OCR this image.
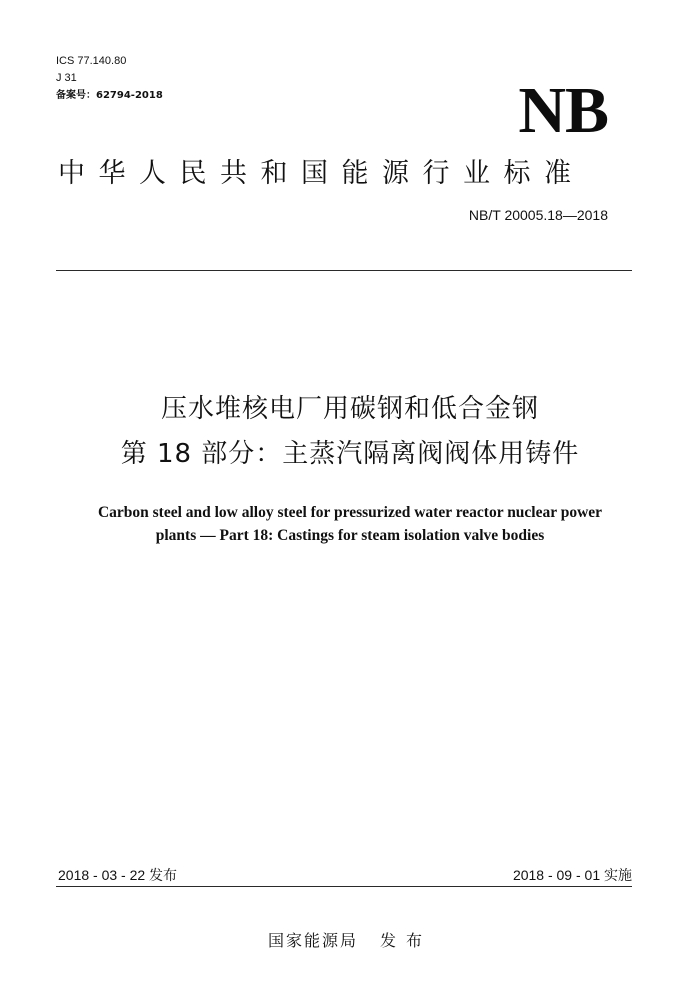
ICS 77.140.80
J 31
备案号：62794-2018	NB
中华人民共和国能源行业标准
NB/T 20005.18—2018
压水堆核电厂用碳钢和低合金钢
第 18 部分：主蒸汽隔离阀阀体用铸件
Carbon steel and low alloy steel for pressurized water reactor nuclear power
plants — Part 18: Castings for steam isolation valve bodies
2018 - 03 - 22 发布	2018 - 09 - 01 实施
国家能源局 发布
